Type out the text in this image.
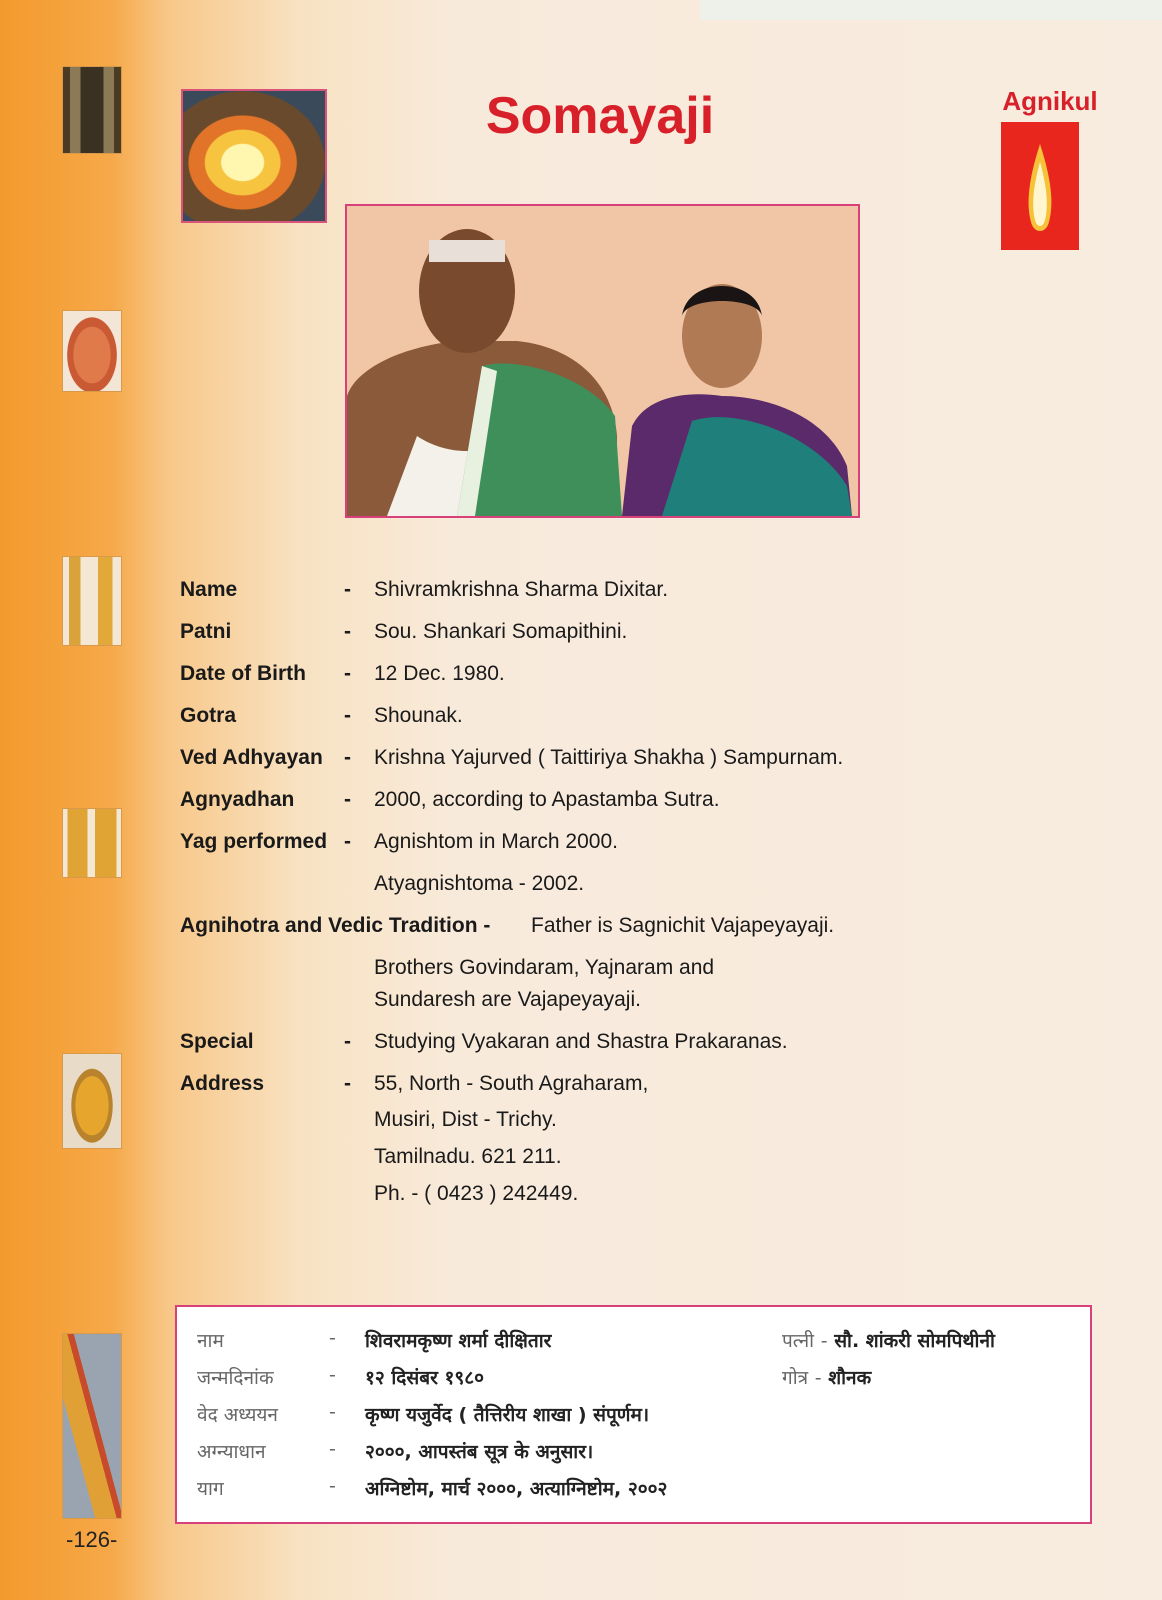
-126-
Somayaji	Agnikul
Name	- Shivramkrishna Sharma Dixitar.
Patni	- Sou. Shankari Somapithini.
Date of Birth - 12 Dec. 1980.
Gotra	- Shounak.
Ved Adhyayan - Krishna Yajurved ( Taittiriya Shakha ) Sampurnam.
Agnyadhan - 2000, according to Apastamba Sutra.
Yag performed - Agnishtom in March 2000.
Atyagnishtoma - 2002.
Agnihotra and Vedic Tradition - Father is Sagnichit Vajapeyayaji.
Brothers Govindaram, Yajnaram and
Sundaresh are Vajapeyayaji.
Special	- Studying Vyakaran and Shastra Prakaranas.
Address	- 55, North - South Agraharam,
Musiri, Dist - Trichy.
Tamilnadu. 621 211.
Ph. - ( 0423 ) 242449.
नाम	- शिवरामकृष्ण शर्मा दीक्षितार	पत्नी - सौ. शांकरी सोमपिथीनी
जन्मदिनांक	- १२ दिसंबर १९८०	गोत्र - शौनक
वेद अध्ययन	- कृष्ण यजुर्वेद ( तैत्तिरीय शाखा ) संपूर्णम।
अग्न्याधान	- २०००, आपस्तंब सूत्र के अनुसार।
याग	- अग्निष्टोम, मार्च २०००, अत्याग्निष्टोम, २००२
